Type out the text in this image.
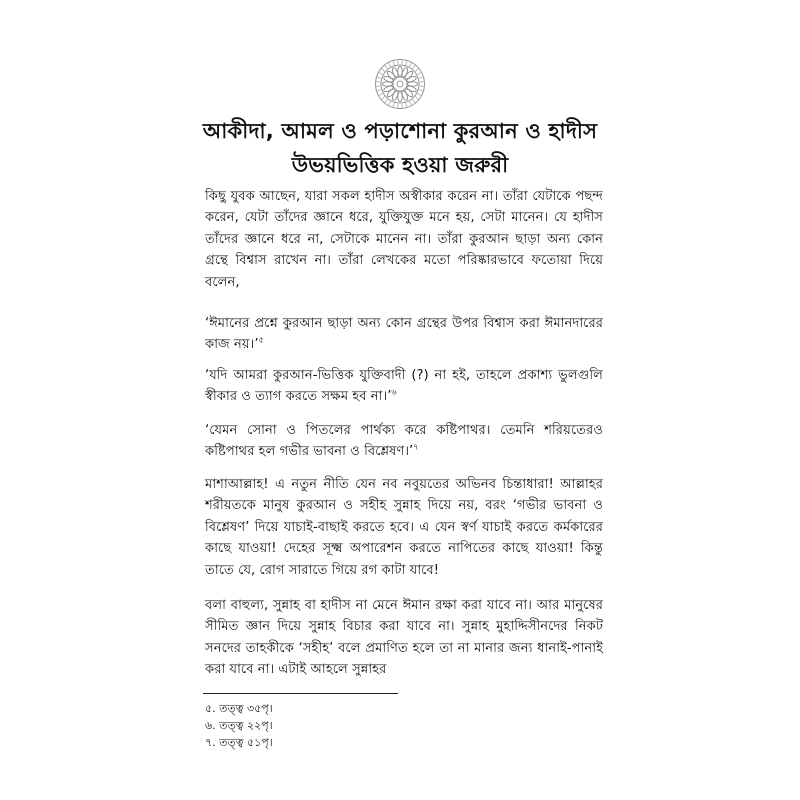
আকীদা, আমল ও পড়াশোনা কুরআন ও হাদীস
উভয়ভিত্তিক হওয়া জরুরী
কিছু যুবক আছেন, যারা সকল হাদীস অস্বীকার করেন না। তাঁরা যেটাকে পছন্দ করেন, যেটা তাঁদের জ্ঞানে ধরে, যুক্তিযুক্ত মনে হয়, সেটা মানেন। যে হাদীস তাঁদের জ্ঞানে ধরে না, সেটাকে মানেন না। তাঁরা কুরআন ছাড়া অন্য কোন গ্রন্থে বিশ্বাস রাখেন না। তাঁরা লেখকের মতো পরিষ্কারভাবে ফতোয়া দিয়ে বলেন,
‘ঈমানের প্রশ্নে কুরআন ছাড়া অন্য কোন গ্রন্থের উপর বিশ্বাস করা ঈমানদারের কাজ নয়।’$^৫$
‘যদি আমরা কুরআন-ভিত্তিক যুক্তিবাদী (?) না হই, তাহলে প্রকাশ্য ভুলগুলি স্বীকার ও ত্যাগ করতে সক্ষম হব না।’$^৬$
‘যেমন সোনা ও পিতলের পার্থক্য করে কষ্টিপাথর। তেমনি শরিয়তেরও কষ্টিপাথর হল গভীর ভাবনা ও বিশ্লেষণ।’$^৭$
মাশাআল্লাহ! এ নতুন নীতি যেন নব নবুয়তের অভিনব চিন্তাধারা! আল্লাহর শরীয়তকে মানুষ কুরআন ও সহীহ সুন্নাহ দিয়ে নয়, বরং ‘গভীর ভাবনা ও বিশ্লেষণ’ দিয়ে যাচাই-বাছাই করতে হবে। এ যেন স্বর্ণ যাচাই করতে কর্মকারের কাছে যাওয়া! দেহের সূক্ষ্ম অপারেশন করতে নাপিতের কাছে যাওয়া! কিন্তু তাতে যে, রোগ সারাতে গিয়ে রগ কাটা যাবে!
বলা বাহুল্য, সুন্নাহ বা হাদীস না মেনে ঈমান রক্ষা করা যাবে না। আর মানুষের সীমিত জ্ঞান দিয়ে সুন্নাহ বিচার করা যাবে না। সুন্নাহ মুহাদ্দিসীনদের নিকট সনদের তাহকীকে ‘সহীহ’ বলে প্রমাণিত হলে তা না মানার জন্য ধানাই-পানাই করা যাবে না। এটাই আহলে সুন্নাহর
৫. তত্ত্ব ৩৫পৃ।
৬. তত্ত্ব ২২পৃ।
৭. তত্ত্ব ৫১পৃ।
